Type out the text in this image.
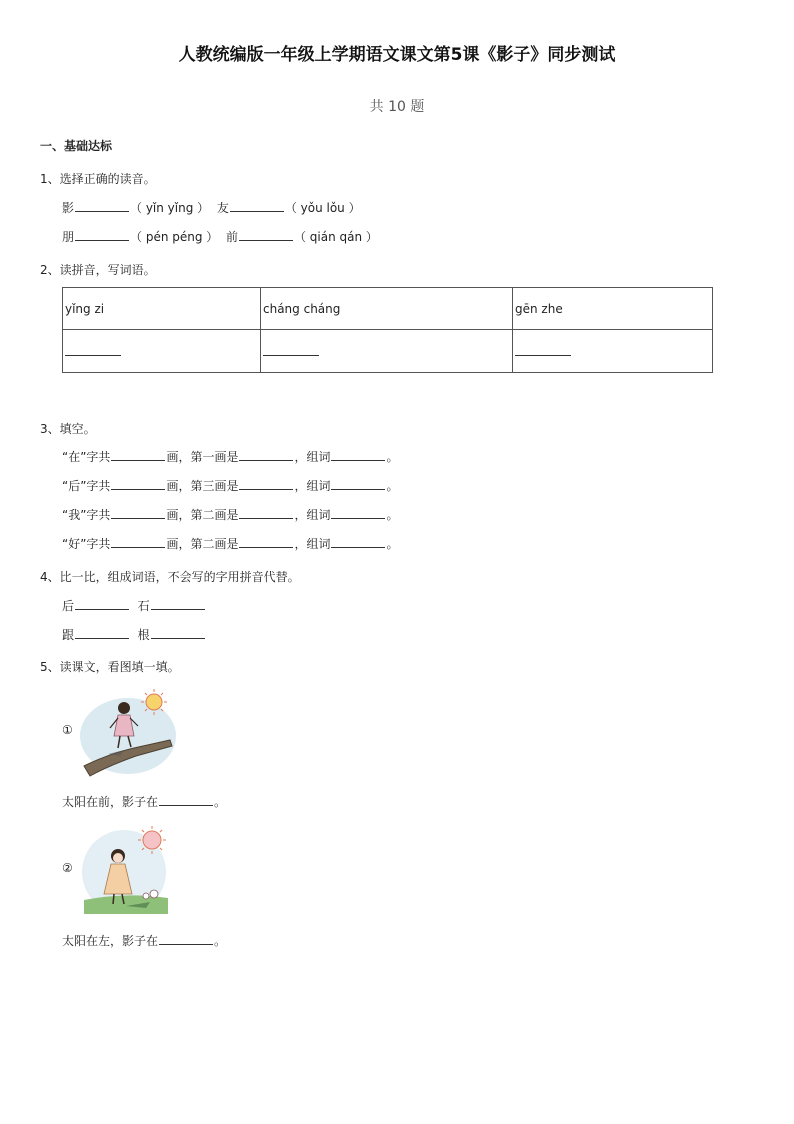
人教统编版一年级上学期语文课文第5课《影子》同步测试
共 10 题
一、基础达标
1、选择正确的读音。
影	（ yǐn yǐng ） 友	（ yǒu lǒu ）
朋	（ pén péng ） 前	（ qián qán ）
2、读拼音，写词语。
yǐng zi	cháng cháng	gēn zhe

3、填空。
“在”字共	画，第一画是	，组词	。
“后”字共	画，第三画是	，组词	。
“我”字共	画，第二画是	，组词	。
“好”字共	画，第二画是	，组词	。
4、比一比，组成词语，不会写的字用拼音代替。
后	石
跟	根
5、读课文，看图填一填。
①
太阳在前，影子在	。
②
太阳在左，影子在	。
